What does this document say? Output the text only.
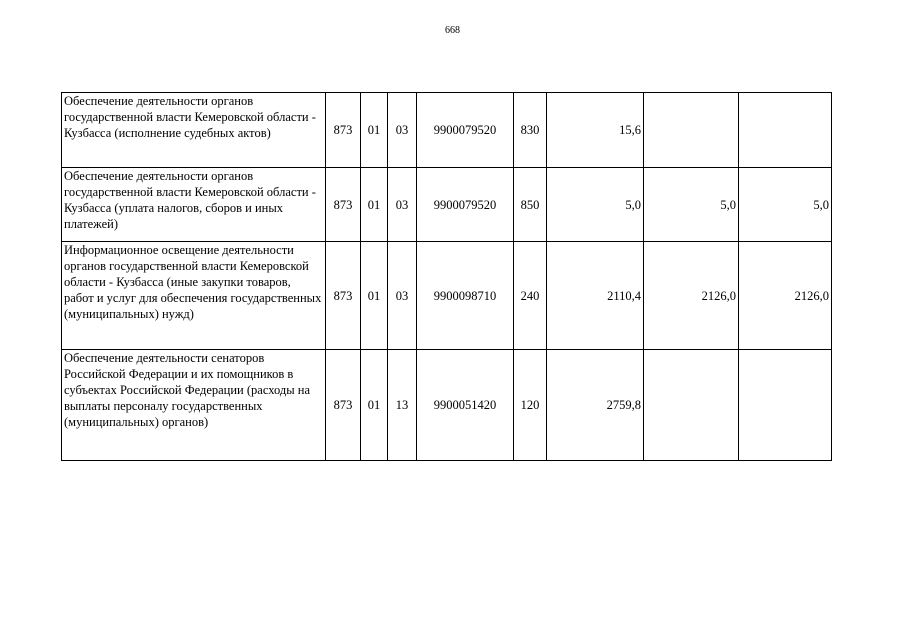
668
Обеспечение деятельности органов государственной власти Кемеровской области - Кузбасса (исполнение судебных актов)	873	01	03	9900079520	830	15,6		
Обеспечение деятельности органов государственной власти Кемеровской области - Кузбасса (уплата налогов, сборов и иных платежей)	873	01	03	9900079520	850	5,0	5,0	5,0
Информационное освещение деятельности органов государственной власти Кемеровской области - Кузбасса (иные закупки товаров, работ и услуг для обеспечения государственных (муниципальных) нужд)	873	01	03	9900098710	240	2110,4	2126,0	2126,0
Обеспечение деятельности сенаторов Российской Федерации и их помощников в субъектах Российской Федерации (расходы на выплаты персоналу государственных (муниципальных) органов)	873	01	13	9900051420	120	2759,8		
